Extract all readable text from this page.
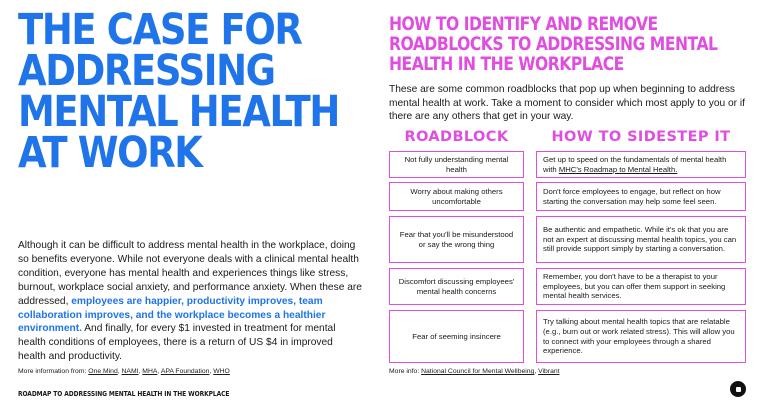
THE CASE FOR
ADDRESSING
MENTAL HEALTH
AT WORK

Although it can be difficult to address mental health in the workplace, doing so benefits everyone. While not everyone deals with a clinical mental health condition, everyone has mental health and experiences things like stress, burnout, workplace social anxiety, and performance anxiety. When these are addressed, employees are happier, productivity improves, team collaboration improves, and the workplace becomes a healthier environment. And finally, for every $1 invested in treatment for mental health conditions of employees, there is a return of US $4 in improved health and productivity.

More information from: One Mind, NAMI, MHA, APA Foundation, WHO
ROADMAP TO ADDRESSING MENTAL HEALTH IN THE WORKPLACE
HOW TO IDENTIFY AND REMOVE
ROADBLOCKS TO ADDRESSING MENTAL
HEALTH IN THE WORKPLACE

These are some common roadblocks that pop up when beginning to address mental health at work. Take a moment to consider which most apply to you or if there are any others that get in your way.

ROADBLOCK	HOW TO SIDESTEP IT
Not fully understanding mental health
Get up to speed on the fundamentals of mental health with MHC's Roadmap to Mental Health.
Worry about making others uncomfortable
Don't force employees to engage, but reflect on how starting the conversation may help some feel seen.
Fear that you'll be misunderstood or say the wrong thing
Be authentic and empathetic. While it's ok that you are not an expert at discussing mental health topics, you can still provide support simply by starting a conversation.
Discomfort discussing employees' mental health concerns
Remember, you don't have to be a therapist to your employees, but you can offer them support in seeking mental health services.
Fear of seeming insincere
Try talking about mental health topics that are relatable (e.g., burn out or work related stress). This will allow you to connect with your employees through a shared experience.
More info: National Council for Mental Wellbeing, Vibrant
